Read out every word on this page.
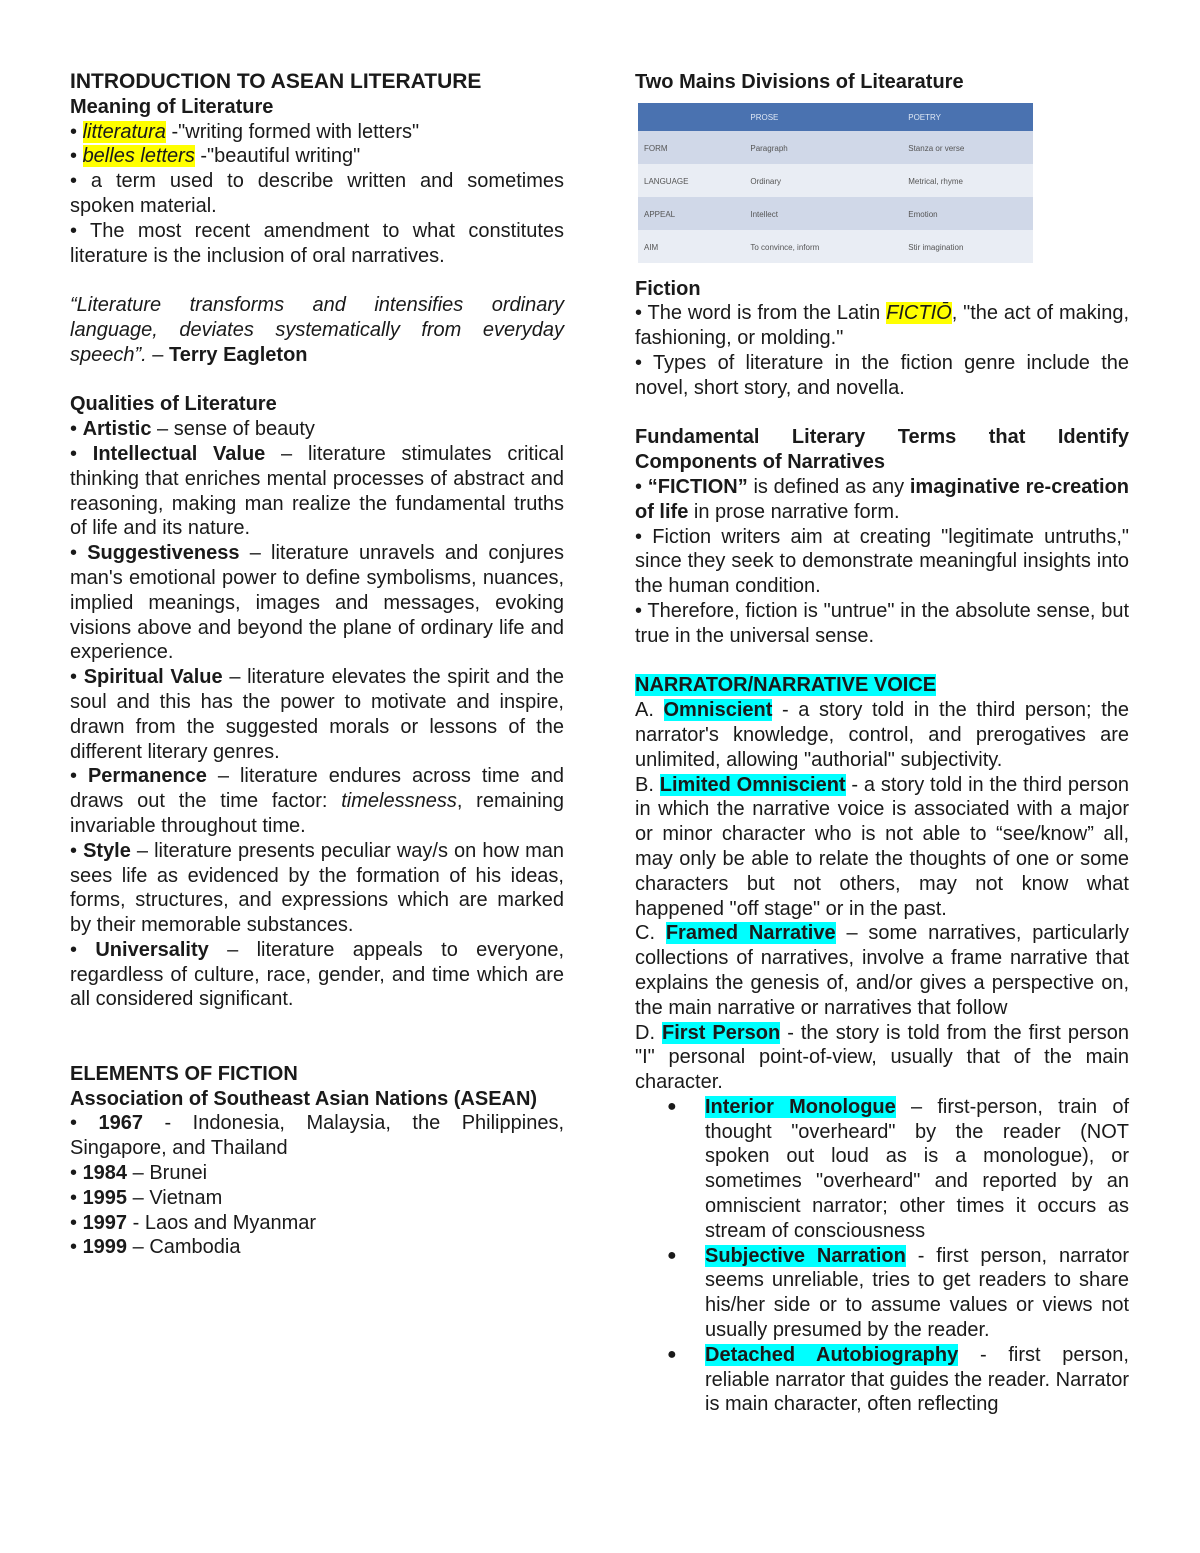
INTRODUCTION TO ASEAN LITERATURE
Meaning of Literature
• litteratura -"writing formed with letters"
• belles letters -"beautiful writing"
• a term used to describe written and sometimes spoken material.
• The most recent amendment to what constitutes literature is the inclusion of oral narratives.
“Literature transforms and intensifies ordinary language, deviates systematically from everyday speech”. – Terry Eagleton
Qualities of Literature
• Artistic – sense of beauty
• Intellectual Value – literature stimulates critical thinking that enriches mental processes of abstract and reasoning, making man realize the fundamental truths of life and its nature.
• Suggestiveness – literature unravels and conjures man's emotional power to define symbolisms, nuances, implied meanings, images and messages, evoking visions above and beyond the plane of ordinary life and experience.
• Spiritual Value – literature elevates the spirit and the soul and this has the power to motivate and inspire, drawn from the suggested morals or lessons of the different literary genres.
• Permanence – literature endures across time and draws out the time factor: timelessness, remaining invariable throughout time.
• Style – literature presents peculiar way/s on how man sees life as evidenced by the formation of his ideas, forms, structures, and expressions which are marked by their memorable substances.
• Universality – literature appeals to everyone, regardless of culture, race, gender, and time which are all considered significant.
ELEMENTS OF FICTION
Association of Southeast Asian Nations (ASEAN)
• 1967 - Indonesia, Malaysia, the Philippines, Singapore, and Thailand
• 1984 – Brunei
• 1995 – Vietnam
• 1997 - Laos and Myanmar
• 1999 – Cambodia
Two Mains Divisions of Litearature
	PROSE	POETRY
FORM	Paragraph	Stanza or verse
LANGUAGE	Ordinary	Metrical, rhyme
APPEAL	Intellect	Emotion
AIM	To convince, inform	Stir imagination
Fiction
• The word is from the Latin FICTIŌ, "the act of making, fashioning, or molding."
• Types of literature in the fiction genre include the novel, short story, and novella.
Fundamental Literary Terms that Identify Components of Narratives
• “FICTION” is defined as any imaginative re-creation of life in prose narrative form.
• Fiction writers aim at creating "legitimate untruths," since they seek to demonstrate meaningful insights into the human condition.
• Therefore, fiction is "untrue" in the absolute sense, but true in the universal sense.
NARRATOR/NARRATIVE VOICE
A. Omniscient - a story told in the third person; the narrator's knowledge, control, and prerogatives are unlimited, allowing "authorial" subjectivity.
B. Limited Omniscient - a story told in the third person in which the narrative voice is associated with a major or minor character who is not able to “see/know” all, may only be able to relate the thoughts of one or some characters but not others, may not know what happened "off stage" or in the past.
C. Framed Narrative – some narratives, particularly collections of narratives, involve a frame narrative that explains the genesis of, and/or gives a perspective on, the main narrative or narratives that follow
D. First Person - the story is told from the first person "I" personal point-of-view, usually that of the main character.
● Interior Monologue – first-person, train of thought "overheard" by the reader (NOT spoken out loud as is a monologue), or sometimes "overheard" and reported by an omniscient narrator; other times it occurs as stream of consciousness
● Subjective Narration - first person, narrator seems unreliable, tries to get readers to share his/her side or to assume values or views not usually presumed by the reader.
● Detached Autobiography - first person, reliable narrator that guides the reader. Narrator is main character, often reflecting
